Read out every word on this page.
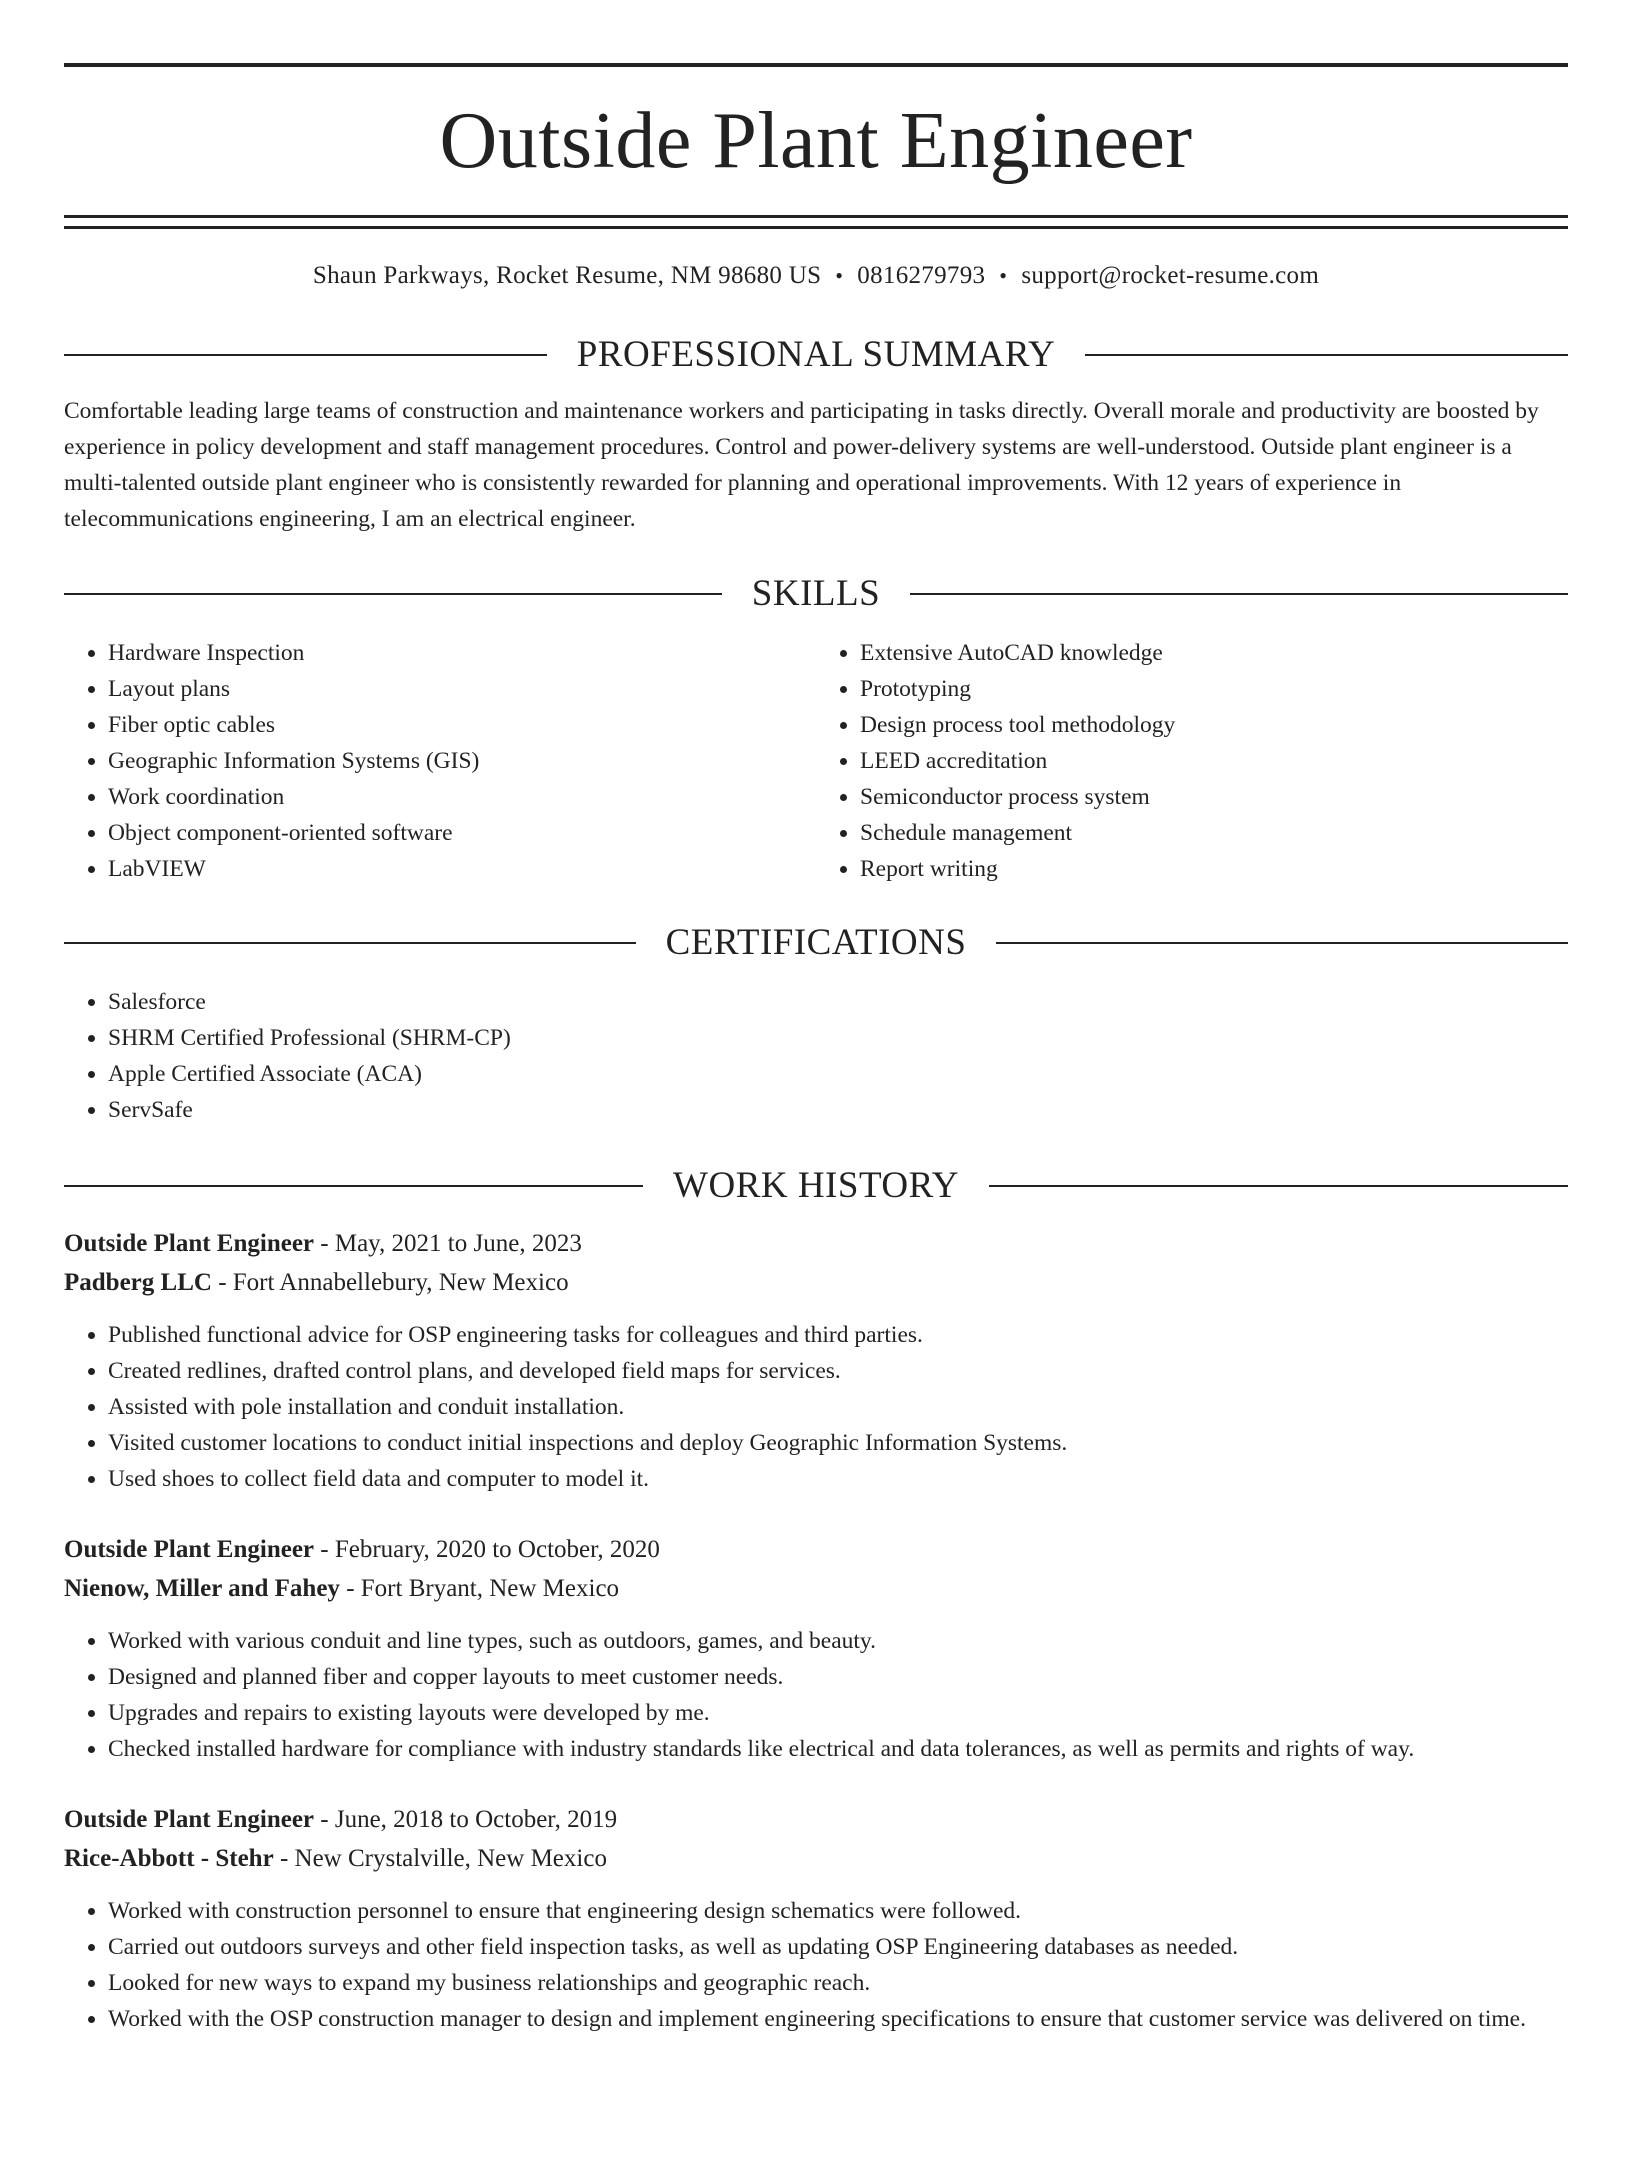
Outside Plant Engineer
Shaun Parkways, Rocket Resume, NM 98680 US • 0816279793 • support@rocket-resume.com
PROFESSIONAL SUMMARY

Comfortable leading large teams of construction and maintenance workers and participating in tasks directly. Overall morale and productivity are boosted by experience in policy development and staff management procedures. Control and power-delivery systems are well-understood. Outside plant engineer is a multi-talented outside plant engineer who is consistently rewarded for planning and operational improvements. With 12 years of experience in telecommunications engineering, I am an electrical engineer.

SKILLS
• Hardware Inspection
• Layout plans
• Fiber optic cables
• Geographic Information Systems (GIS)
• Work coordination
• Object component-oriented software
• LabVIEW
• Extensive AutoCAD knowledge
• Prototyping
• Design process tool methodology
• LEED accreditation
• Semiconductor process system
• Schedule management
• Report writing
CERTIFICATIONS
• Salesforce
• SHRM Certified Professional (SHRM-CP)
• Apple Certified Associate (ACA)
• ServSafe
WORK HISTORY
Outside Plant Engineer - May, 2021 to June, 2023
Padberg LLC - Fort Annabellebury, New Mexico
• Published functional advice for OSP engineering tasks for colleagues and third parties.
• Created redlines, drafted control plans, and developed field maps for services.
• Assisted with pole installation and conduit installation.
• Visited customer locations to conduct initial inspections and deploy Geographic Information Systems.
• Used shoes to collect field data and computer to model it.
Outside Plant Engineer - February, 2020 to October, 2020
Nienow, Miller and Fahey - Fort Bryant, New Mexico
• Worked with various conduit and line types, such as outdoors, games, and beauty.
• Designed and planned fiber and copper layouts to meet customer needs.
• Upgrades and repairs to existing layouts were developed by me.
• Checked installed hardware for compliance with industry standards like electrical and data tolerances, as well as permits and rights of way.
Outside Plant Engineer - June, 2018 to October, 2019
Rice-Abbott - Stehr - New Crystalville, New Mexico
• Worked with construction personnel to ensure that engineering design schematics were followed.
• Carried out outdoors surveys and other field inspection tasks, as well as updating OSP Engineering databases as needed.
• Looked for new ways to expand my business relationships and geographic reach.
• Worked with the OSP construction manager to design and implement engineering specifications to ensure that customer service was delivered on time.
